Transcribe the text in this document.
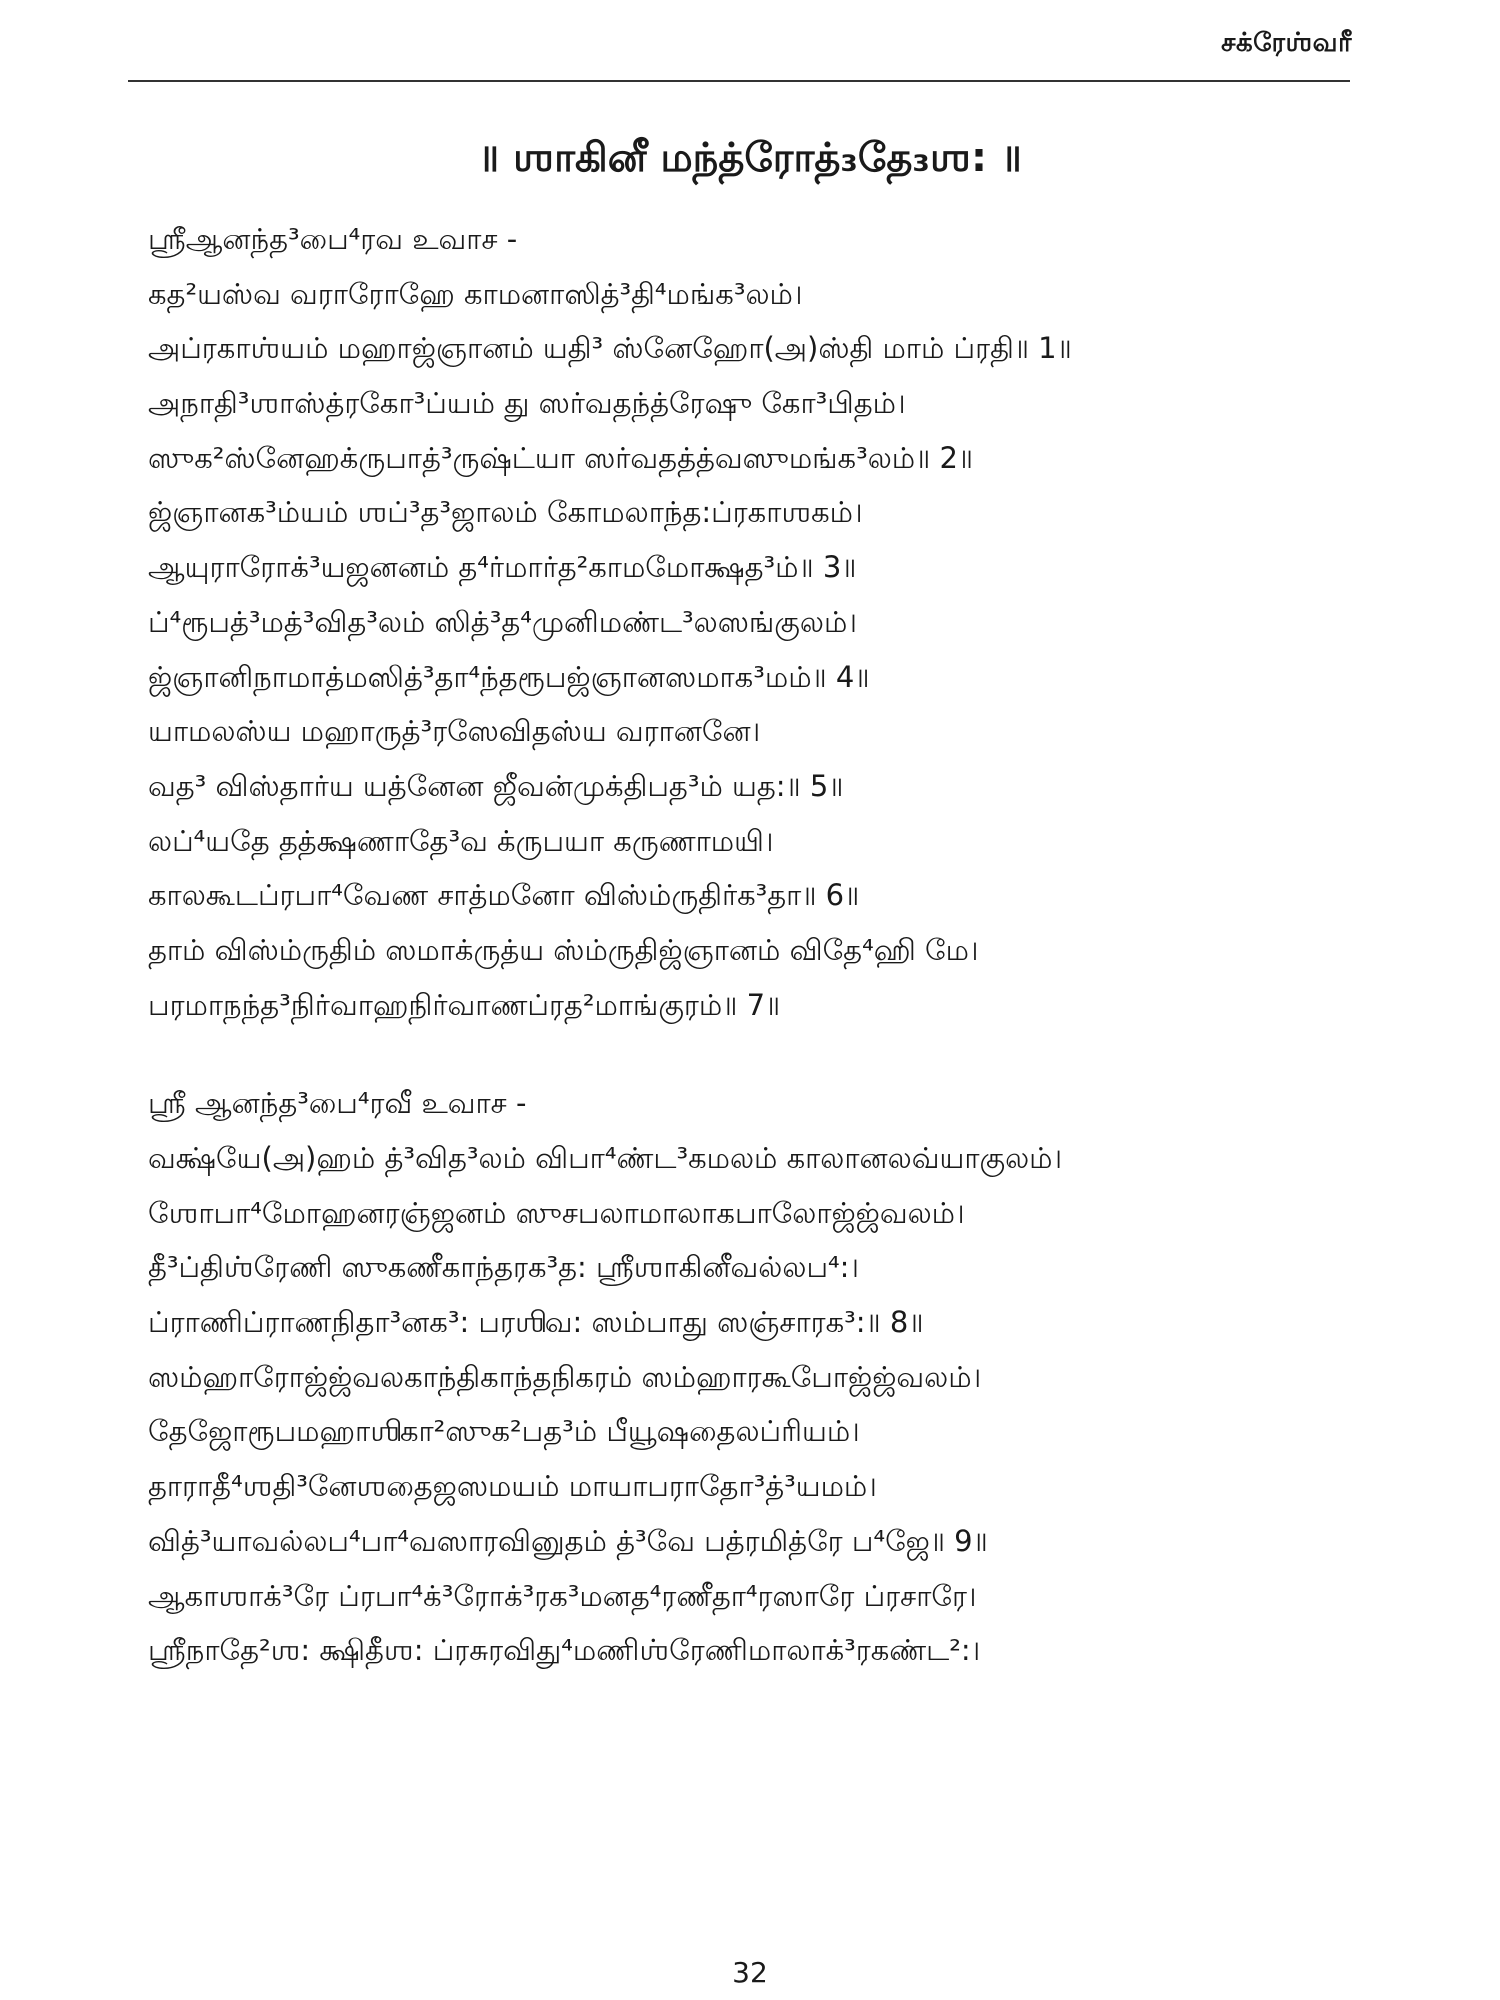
சக்ரேஶ்வரீ
॥ ஶாகினீ மந்த்ரோத்₃தே₃ஶ: ॥
ஸ்ரீஆனந்த³பை⁴ரவ உவாச -
கத²யஸ்வ வராரோஹே காமனாஸித்³தி⁴மங்க³லம்।
அப்ரகாஶ்யம் மஹாஜ்ஞானம் யதி³ ஸ்னேஹோ(அ)ஸ்தி மாம் ப்ரதி॥ 1॥
அநாதி³ஶாஸ்த்ரகோ³ப்யம் து ஸர்வதந்த்ரேஷு கோ³பிதம்।
ஸுக²ஸ்னேஹக்ருபாத்³ருஷ்ட்யா ஸர்வதத்த்வஸுமங்க³லம்॥ 2॥
ஜ்ஞானக³ம்யம் ஶப்³த³ஜாலம் கோமலாந்த:ப்ரகாஶகம்।
ஆயுராரோக்³யஜனனம் த⁴ர்மார்த²காமமோக்ஷத³ம்॥ 3॥
ப்⁴ரூபத்³மத்³வித³லம் ஸித்³த⁴முனிமண்ட³லஸங்குலம்।
ஜ்ஞானிநாமாத்மஸித்³தா⁴ந்தரூபஜ்ஞானஸமாக³மம்॥ 4॥
யாமலஸ்ய மஹாருத்³ரஸேவிதஸ்ய வரானனே।
வத³ விஸ்தார்ய யத்னேன ஜீவன்முக்திபத³ம் யத:॥ 5॥
லப்⁴யதே தத்க்ஷணாதே³வ க்ருபயா கருணாமயி।
காலகூடப்ரபா⁴வேண சாத்மனோ விஸ்ம்ருதிர்க³தா॥ 6॥
தாம் விஸ்ம்ருதிம் ஸமாக்ருத்ய ஸ்ம்ருதிஜ்ஞானம் விதே⁴ஹி மே।
பரமாநந்த³நிர்வாஹநிர்வாணப்ரத²மாங்குரம்॥ 7॥
ஸ்ரீ ஆனந்த³பை⁴ரவீ உவாச -
வக்ஷ்யே(அ)ஹம் த்³வித³லம் விபா⁴ண்ட³கமலம் காலானலவ்யாகுலம்।
ஶோபா⁴மோஹனரஞ்ஜனம் ஸுசபலாமாலாகபாலோஜ்ஜ்வலம்।
தீ³ப்திஶ்ரேணி ஸுகணீகாந்தரக³த: ஸ்ரீஶாகினீவல்லப⁴:।
ப்ராணிப்ராணநிதா³னக³: பரஶிவ: ஸம்பாது ஸஞ்சாரக³:॥ 8॥
ஸம்ஹாரோஜ்ஜ்வலகாந்திகாந்தநிகரம் ஸம்ஹாரகூபோஜ்ஜ்வலம்।
தேஜோரூபமஹாஶிகா²ஸுக²பத³ம் பீயூஷதைலப்ரியம்।
தாராதீ⁴ஶதி³னேஶதைஜஸமயம் மாயாபராதோ³த்³யமம்।
வித்³யாவல்லப⁴பா⁴வஸாரவினுதம் த்³வே பத்ரமித்ரே ப⁴ஜே॥ 9॥
ஆகாஶாக்³ரே ப்ரபா⁴க்³ரோக்³ரக³மனத⁴ரணீதா⁴ரஸாரே ப்ரசாரே।
ஸ்ரீநாதே²ஶ: க்ஷிதீஶ: ப்ரசுரவிது⁴மணிஶ்ரேணிமாலாக்³ரகண்ட²:।
32
